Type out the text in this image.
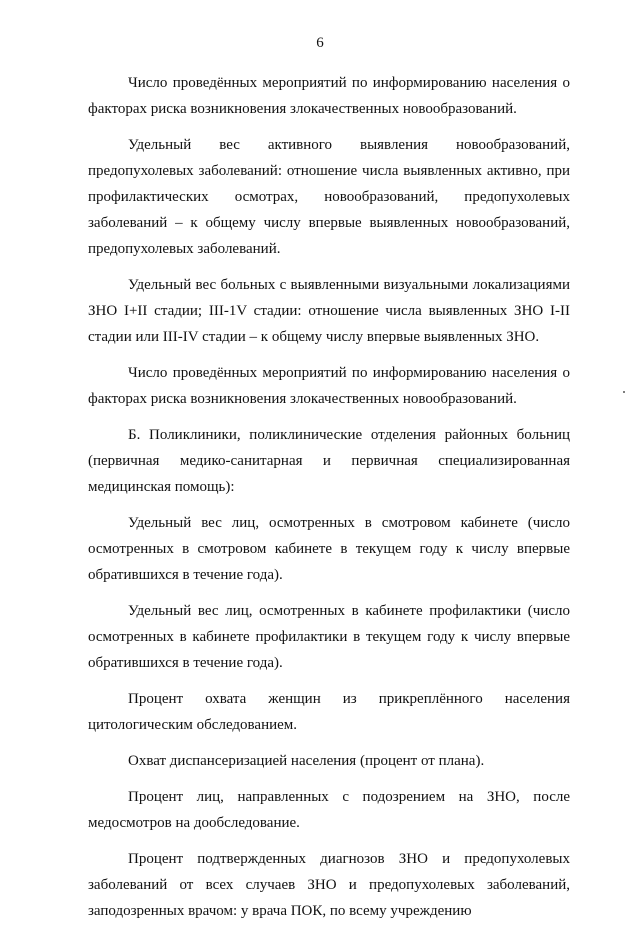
6

Число проведённых мероприятий по информированию населения о факторах риска возникновения злокачественных новообразований.

Удельный вес активного выявления новообразований, предопухолевых заболеваний: отношение числа выявленных активно, при профилактических осмотрах, новообразований, предопухолевых заболеваний – к общему числу впервые выявленных новообразований, предопухолевых заболеваний.

Удельный вес больных с выявленными визуальными локализациями ЗНО I+II стадии; III-1V стадии: отношение числа выявленных ЗНО I-II стадии или III-IV стадии – к общему числу впервые выявленных ЗНО.

Число проведённых мероприятий по информированию населения о факторах риска возникновения злокачественных новообразований.

Б. Поликлиники, поликлинические отделения районных больниц (первичная медико-санитарная и первичная специализированная медицинская помощь):

Удельный вес лиц, осмотренных в смотровом кабинете (число осмотренных в смотровом кабинете в текущем году к числу впервые обратившихся в течение года).

Удельный вес лиц, осмотренных в кабинете профилактики (число осмотренных в кабинете профилактики в текущем году к числу впервые обратившихся в течение года).

Процент охвата женщин из прикреплённого населения цитологическим обследованием.

Охват диспансеризацией населения (процент от плана).

Процент лиц, направленных с подозрением на ЗНО, после медосмотров на дообследование.

Процент подтвержденных диагнозов ЗНО и предопухолевых заболеваний от всех случаев ЗНО и предопухолевых заболеваний, заподозренных врачом: у врача ПОК, по всему учреждению
